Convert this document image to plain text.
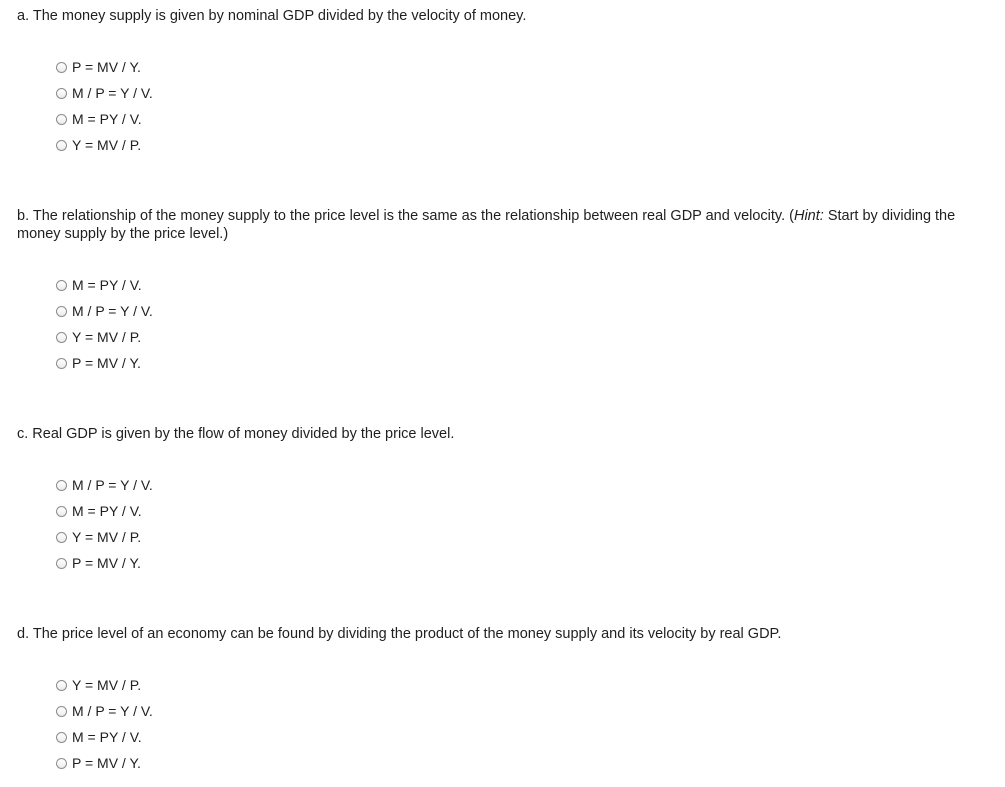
a. The money supply is given by nominal GDP divided by the velocity of money.

P = MV / Y.
M / P = Y / V.
M = PY / V.
Y = MV / P.

b. The relationship of the money supply to the price level is the same as the relationship between real GDP and velocity. (Hint: Start by dividing the money supply by the price level.)

M = PY / V.
M / P = Y / V.
Y = MV / P.
P = MV / Y.

c. Real GDP is given by the flow of money divided by the price level.

M / P = Y / V.
M = PY / V.
Y = MV / P.
P = MV / Y.

d. The price level of an economy can be found by dividing the product of the money supply and its velocity by real GDP.

Y = MV / P.
M / P = Y / V.
M = PY / V.
P = MV / Y.
